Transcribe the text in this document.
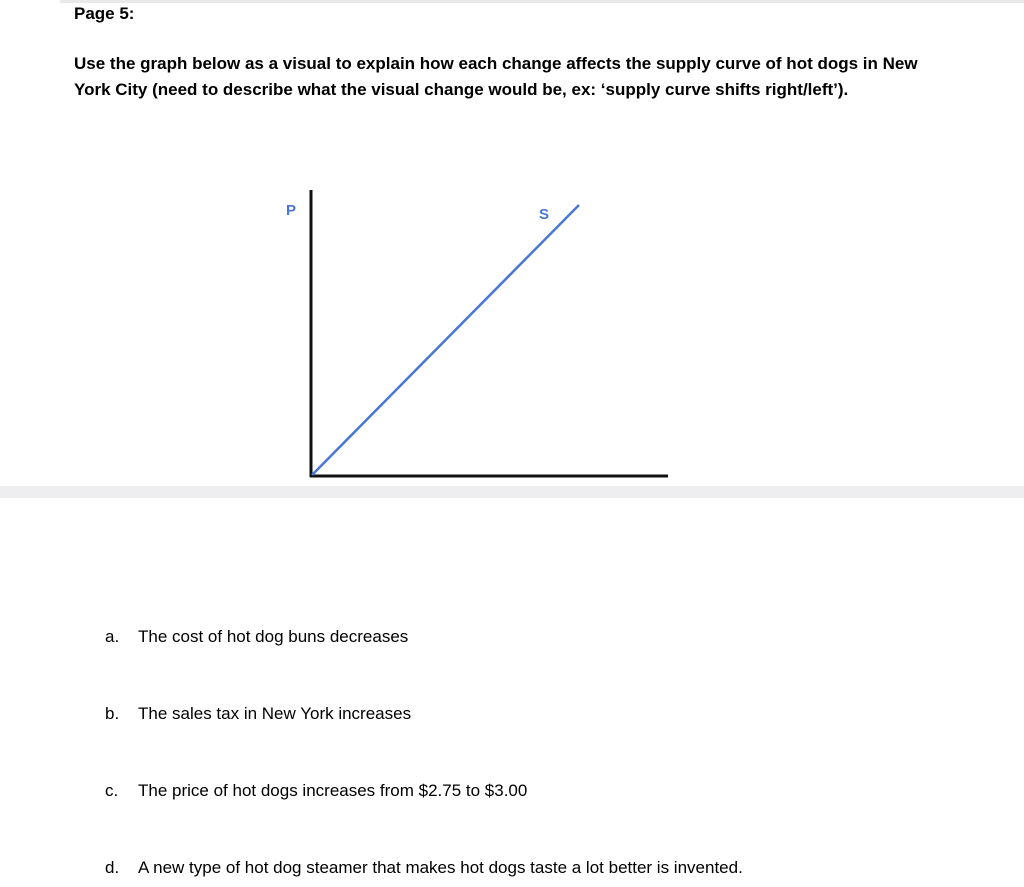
Page 5:

Use the graph below as a visual to explain how each change affects the supply curve of hot dogs in New York City (need to describe what the visual change would be, ex: ‘supply curve shifts right/left’).

P	S
a. The cost of hot dog buns decreases
b. The sales tax in New York increases
c. The price of hot dogs increases from $2.75 to $3.00
d. A new type of hot dog steamer that makes hot dogs taste a lot better is invented.
